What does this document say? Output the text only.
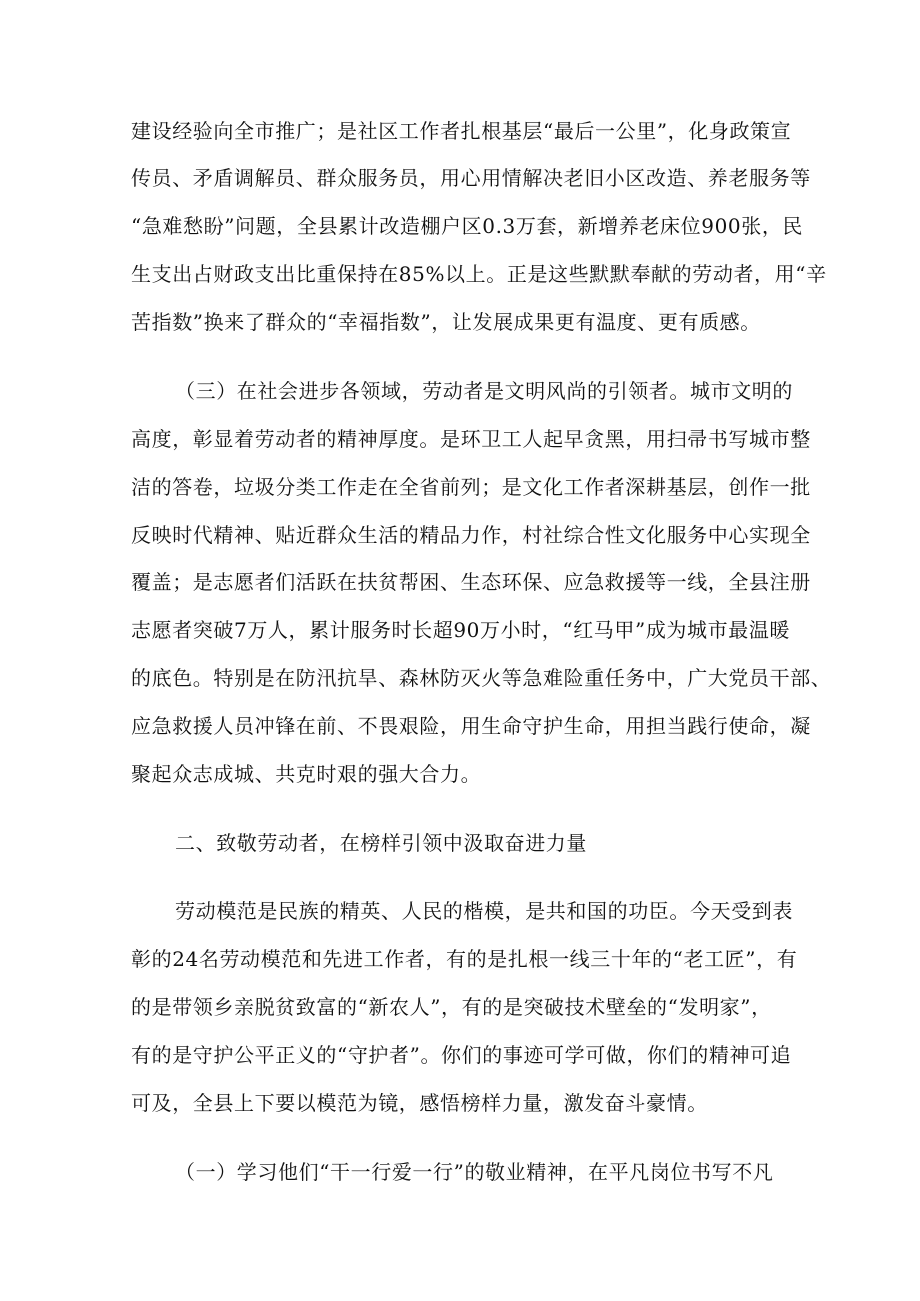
建设经验向全市推广；是社区工作者扎根基层“最后一公里”，化身政策宣
传员、矛盾调解员、群众服务员，用心用情解决老旧小区改造、养老服务等
“急难愁盼”问题，全县累计改造棚户区0.3万套，新增养老床位900张，民
生支出占财政支出比重保持在85%以上。正是这些默默奉献的劳动者，用“辛
苦指数”换来了群众的“幸福指数”，让发展成果更有温度、更有质感。
（三）在社会进步各领域，劳动者是文明风尚的引领者。城市文明的
高度，彰显着劳动者的精神厚度。是环卫工人起早贪黑，用扫帚书写城市整
洁的答卷，垃圾分类工作走在全省前列；是文化工作者深耕基层，创作一批
反映时代精神、贴近群众生活的精品力作，村社综合性文化服务中心实现全
覆盖；是志愿者们活跃在扶贫帮困、生态环保、应急救援等一线，全县注册
志愿者突破7万人，累计服务时长超90万小时，“红马甲”成为城市最温暖
的底色。特别是在防汛抗旱、森林防灭火等急难险重任务中，广大党员干部、
应急救援人员冲锋在前、不畏艰险，用生命守护生命，用担当践行使命，凝
聚起众志成城、共克时艰的强大合力。
二、致敬劳动者，在榜样引领中汲取奋进力量
劳动模范是民族的精英、人民的楷模，是共和国的功臣。今天受到表
彰的24名劳动模范和先进工作者，有的是扎根一线三十年的“老工匠”，有
的是带领乡亲脱贫致富的“新农人”，有的是突破技术壁垒的“发明家”，
有的是守护公平正义的“守护者”。你们的事迹可学可做，你们的精神可追
可及，全县上下要以模范为镜，感悟榜样力量，激发奋斗豪情。
（一）学习他们“干一行爱一行”的敬业精神，在平凡岗位书写不凡
